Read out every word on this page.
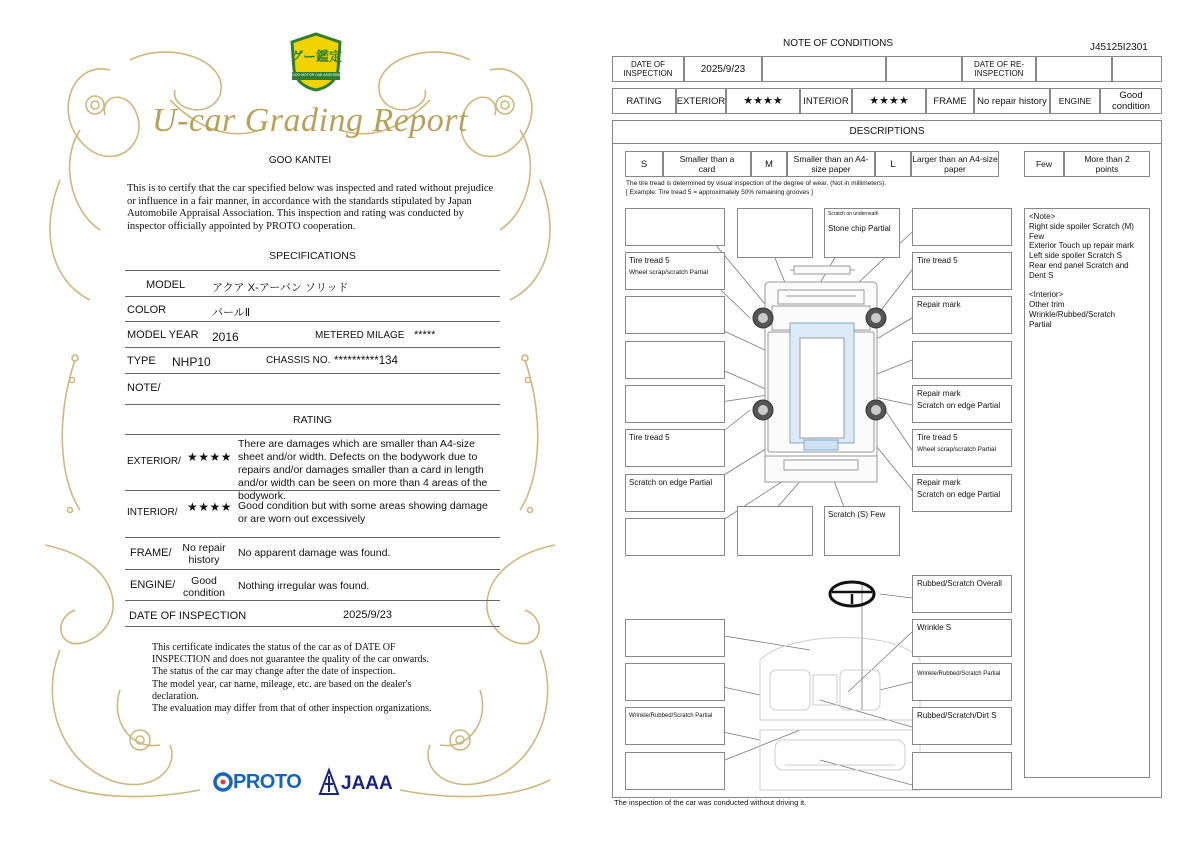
グー鑑定
GOO MOTOR CAR ASSESSMENT
U-car Grading Report
GOO KANTEI
This is to certify that the car specified below was inspected and rated without prejudice or influence in a fair manner, in accordance with the standards stipulated by Japan Automobile Appraisal Association. This inspection and rating was conducted by inspector officially appointed by PROTO cooperation.
SPECIFICATIONS
MODEL アクア X-アーバン ソリッド
COLOR	パールⅡ
MODEL YEAR 2016	METERED MILAGE *****
TYPE NHP10	CHASSIS NO. **********134
NOTE/
RATING
EXTERIOR/ ★★★★
There are damages which are smaller than A4-size sheet and/or width. Defects on the bodywork due to repairs and/or damages smaller than a card in length and/or width can be seen on more than 4 areas of the bodywork.
INTERIOR/ ★★★★ Good condition but with some areas showing damage or are worn out excessively
FRAME/	No repair history
No apparent damage was found.
ENGINE/	Good condition
Nothing irregular was found.
DATE OF INSPECTION	2025/9/23
This certificate indicates the status of the car as of DATE OF
INSPECTION and does not guarantee the quality of the car onwards.
The status of the car may change after the date of inspection.
The model year, car name, mileage, etc. are based on the dealer's
declaration.
The evaluation may differ from that of other inspection organizations.
PROTO JAAA
NOTE OF CONDITIONS	J45125I2301
DATE OF INSPECTION	2025/9/23	DATE OF RE-INSPECTION
RATING	EXTERIOR	★★★★	INTERIOR	★★★★	FRAME	No repair history	ENGINE	Good condition
DESCRIPTIONS
S	Smaller than a card	M	Smaller than an A4-size paper	L	Larger than an A4-size paper
Few	More than 2 points
The tire tread is determined by visual inspection of the degree of wear. (Not in millimeters).
[ Example: Tire tread 5 = approximately 50% remaining grooves ]
<Note>
Right side spoiler Scratch (M)
Few
Exterior Touch up repair mark
Left side spoiler Scratch S
Rear end panel Scratch and
Dent S
<Interior>
Other trim
Wrinkle/Rubbed/Scratch
Partial
Tire tread 5
Wheel scrap/scratch Partial
Tire tread 5
Scratch on edge Partial
Wrinkle/Rubbed/Scratch Partial
Scratch on underneath
Stone chip Partial
Scratch (S) Few
Tire tread 5
Repair mark
Repair mark
Scratch on edge Partial
Tire tread 5
Wheel scrap/scratch Partial
Repair mark
Scratch on edge Partial
Rubbed/Scratch Overall
Wrinkle S
Wrinkle/Rubbed/Scratch Partial
Rubbed/Scratch/Dirt S
The inspection of the car was conducted without driving it.
